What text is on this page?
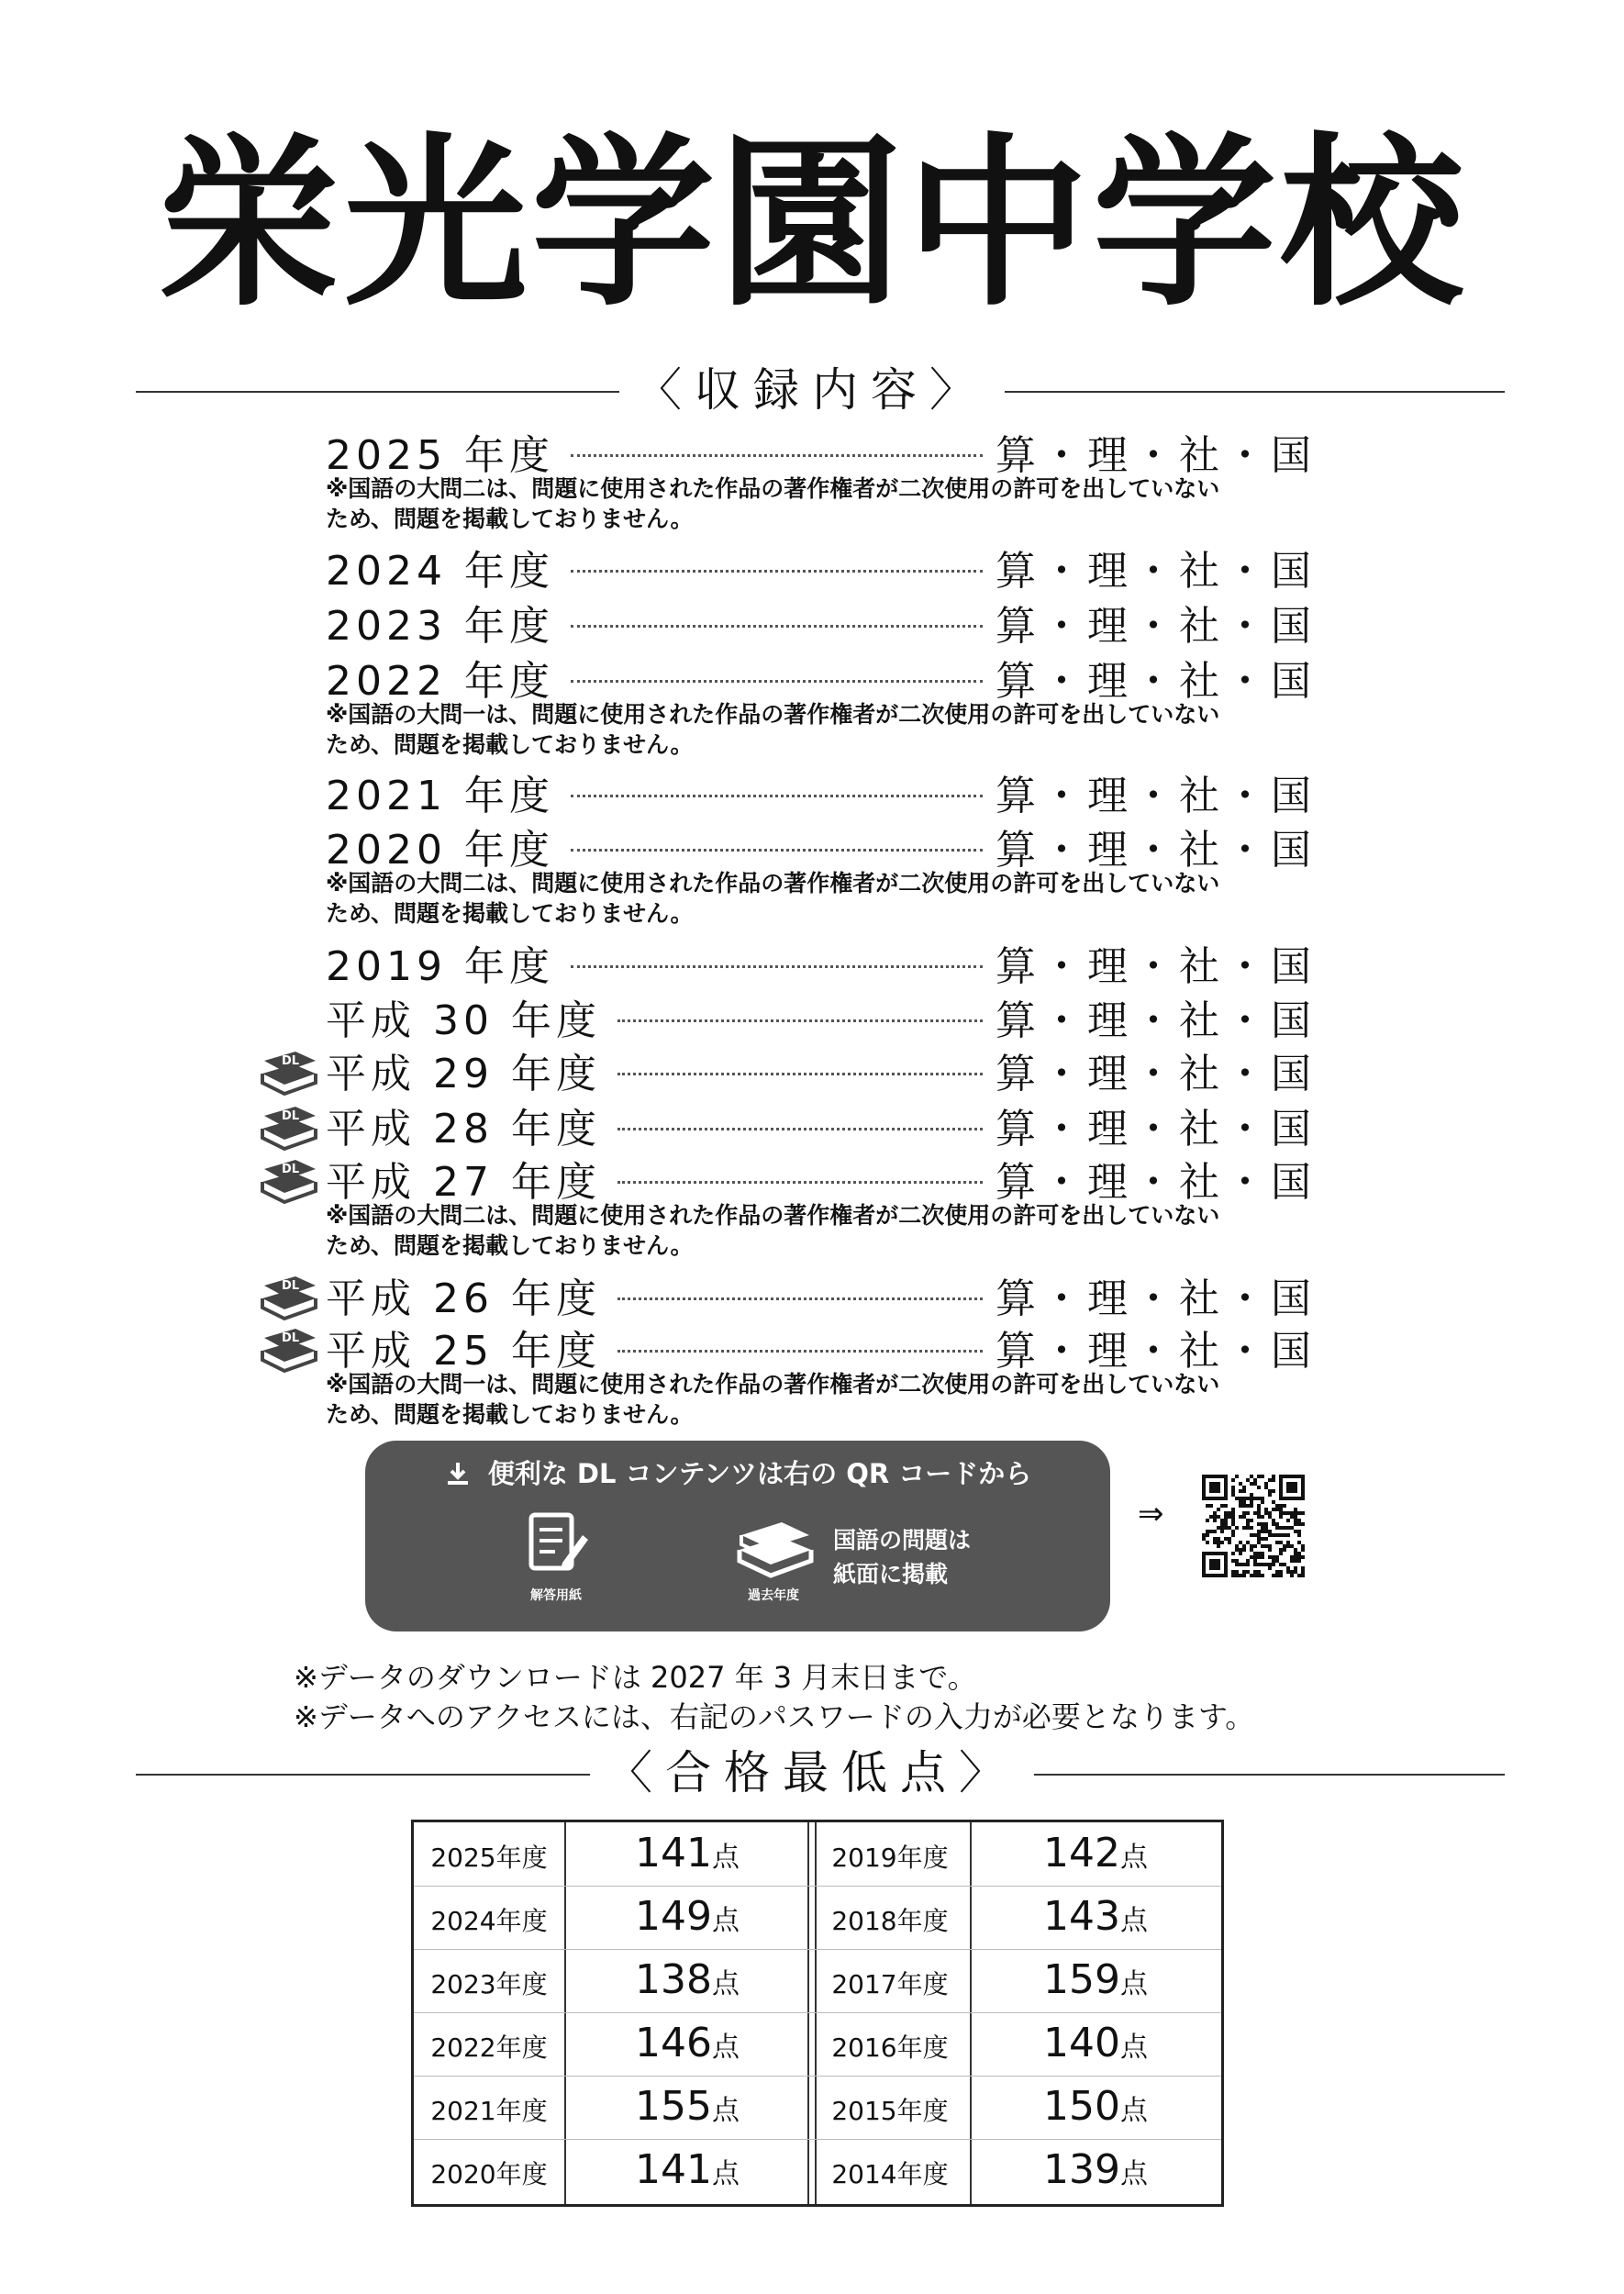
栄光学園中学校
〈収録内容〉
2025 年度	算・理・社・国
※国語の大問二は、問題に使用された作品の著作権者が二次使用の許可を出していない
ため、問題を掲載しておりません。
2024 年度	算・理・社・国
2023 年度	算・理・社・国
2022 年度	算・理・社・国
※国語の大問一は、問題に使用された作品の著作権者が二次使用の許可を出していない
ため、問題を掲載しておりません。
2021 年度	算・理・社・国
2020 年度	算・理・社・国
※国語の大問二は、問題に使用された作品の著作権者が二次使用の許可を出していない
ため、問題を掲載しておりません。
2019 年度	算・理・社・国
平成 30 年度	算・理・社・国
平成 29 年度	算・理・社・国
DL
平成 28 年度	算・理・社・国
DL
平成 27 年度	算・理・社・国
DL
※国語の大問二は、問題に使用された作品の著作権者が二次使用の許可を出していない
ため、問題を掲載しておりません。
平成 26 年度	算・理・社・国
DL
平成 25 年度	算・理・社・国
DL
※国語の大問一は、問題に使用された作品の著作権者が二次使用の許可を出していない
ため、問題を掲載しておりません。
便利な DL コンテンツは右の QR コードから
解答用紙	過去年度
国語の問題は
紙面に掲載
⇒
※データのダウンロードは 2027 年 3 月末日まで。
※データへのアクセスには、右記のパスワードの入力が必要となります。
〈合格最低点〉
2025年度	141点
2024年度	149点
2023年度	138点
2022年度	146点
2021年度	155点
2020年度	141点
2019年度	142点
2018年度	143点
2017年度	159点
2016年度	140点
2015年度	150点
2014年度	139点
